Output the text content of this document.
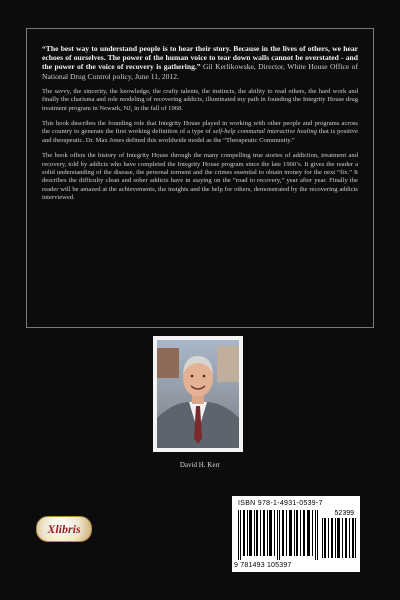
“The best way to understand people is to hear their story. Because in the lives of others, we hear echoes of ourselves. The power of the human voice to tear down walls cannot be overstated - and the power of the voice of recovery is gathering.” Gil Kerlikowske, Director, White House Office of National Drug Control policy, June 11, 2012.

The savvy, the sincerity, the knowledge, the crafty talents, the instincts, the ability to read others, the hard work and finally the charisma and role modeling of recovering addicts, illuminated my path in founding the Integrity House drug treatment program in Newark, NJ, in the fall of 1968.

This book describes the founding role that Integrity House played in working with other people and programs across the country to generate the first working definition of a type of self-help communal interactive healing that is positive and therapeutic. Dr. Max Jones defined this worldwide model as the “Therapeutic Community.”

The book offers the history of Integrity House through the many compelling true stories of addiction, treatment and recovery, told by addicts who have completed the Integrity House program since the late 1960’s. It gives the reader a solid understanding of the disease, the personal torment and the crimes essential to obtain money for the next “fix.” It describes the difficulty clean and sober addicts have in staying on the “road to recovery,” year after year. Finally the reader will be amazed at the achievements, the insights and the help for others, demonstrated by the recovering addicts interviewed.

David H. Kerr
Xlibris
ISBN 978-1-4931-0539-7
52399
9 781493 105397
